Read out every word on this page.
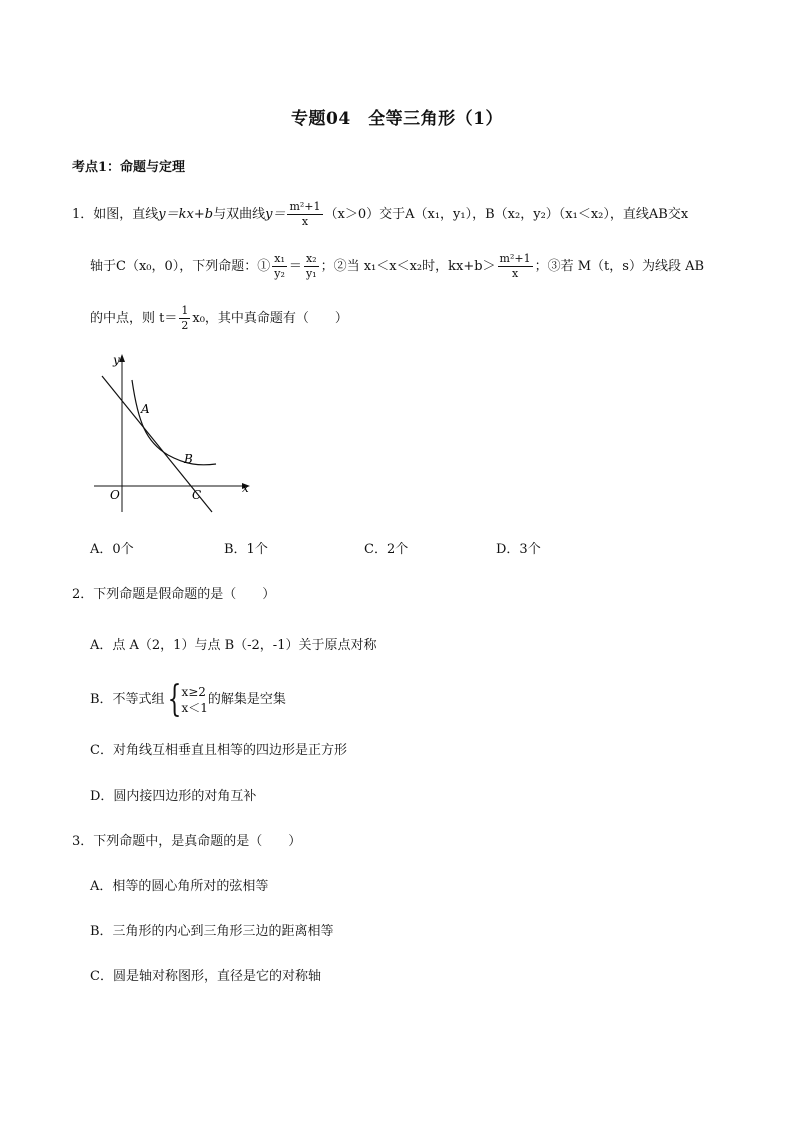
专题04　全等三角形（1）
考点1：命题与定理
1．如图，直线y＝kx+b与双曲线$y= \frac{\text{m²+1}}{x} (x>0)$交于A（x₁，y₁），B（x₂，y₂）（x₁＜x₂），直线AB交x
轴于C（x₀，0），下列命题：① $\frac{\text{x₁}}{\text{y₂}} = \frac{\text{x₂}}{\text{y₁}}$ ；②当 x₁＜x＜x₂时，$kx+b> \frac{\text{m²+1}}{x}$ ；③若 M（t，s）为线段 AB
的中点，则 $t= \frac{1}{2} x_0$，其中真命题有（　　）
y
x
O
A
B
C
A．0个	B．1个	C．2个	D．3个
2．下列命题是假命题的是（　　）
A．点 A（2，1）与点 B（-2，-1）关于原点对称
B．不等式组{ x≥2
x＜1
的解集是空集
C．对角线互相垂直且相等的四边形是正方形
D．圆内接四边形的对角互补
3．下列命题中，是真命题的是（　　）
A．相等的圆心角所对的弦相等
B．三角形的内心到三角形三边的距离相等
C．圆是轴对称图形，直径是它的对称轴
